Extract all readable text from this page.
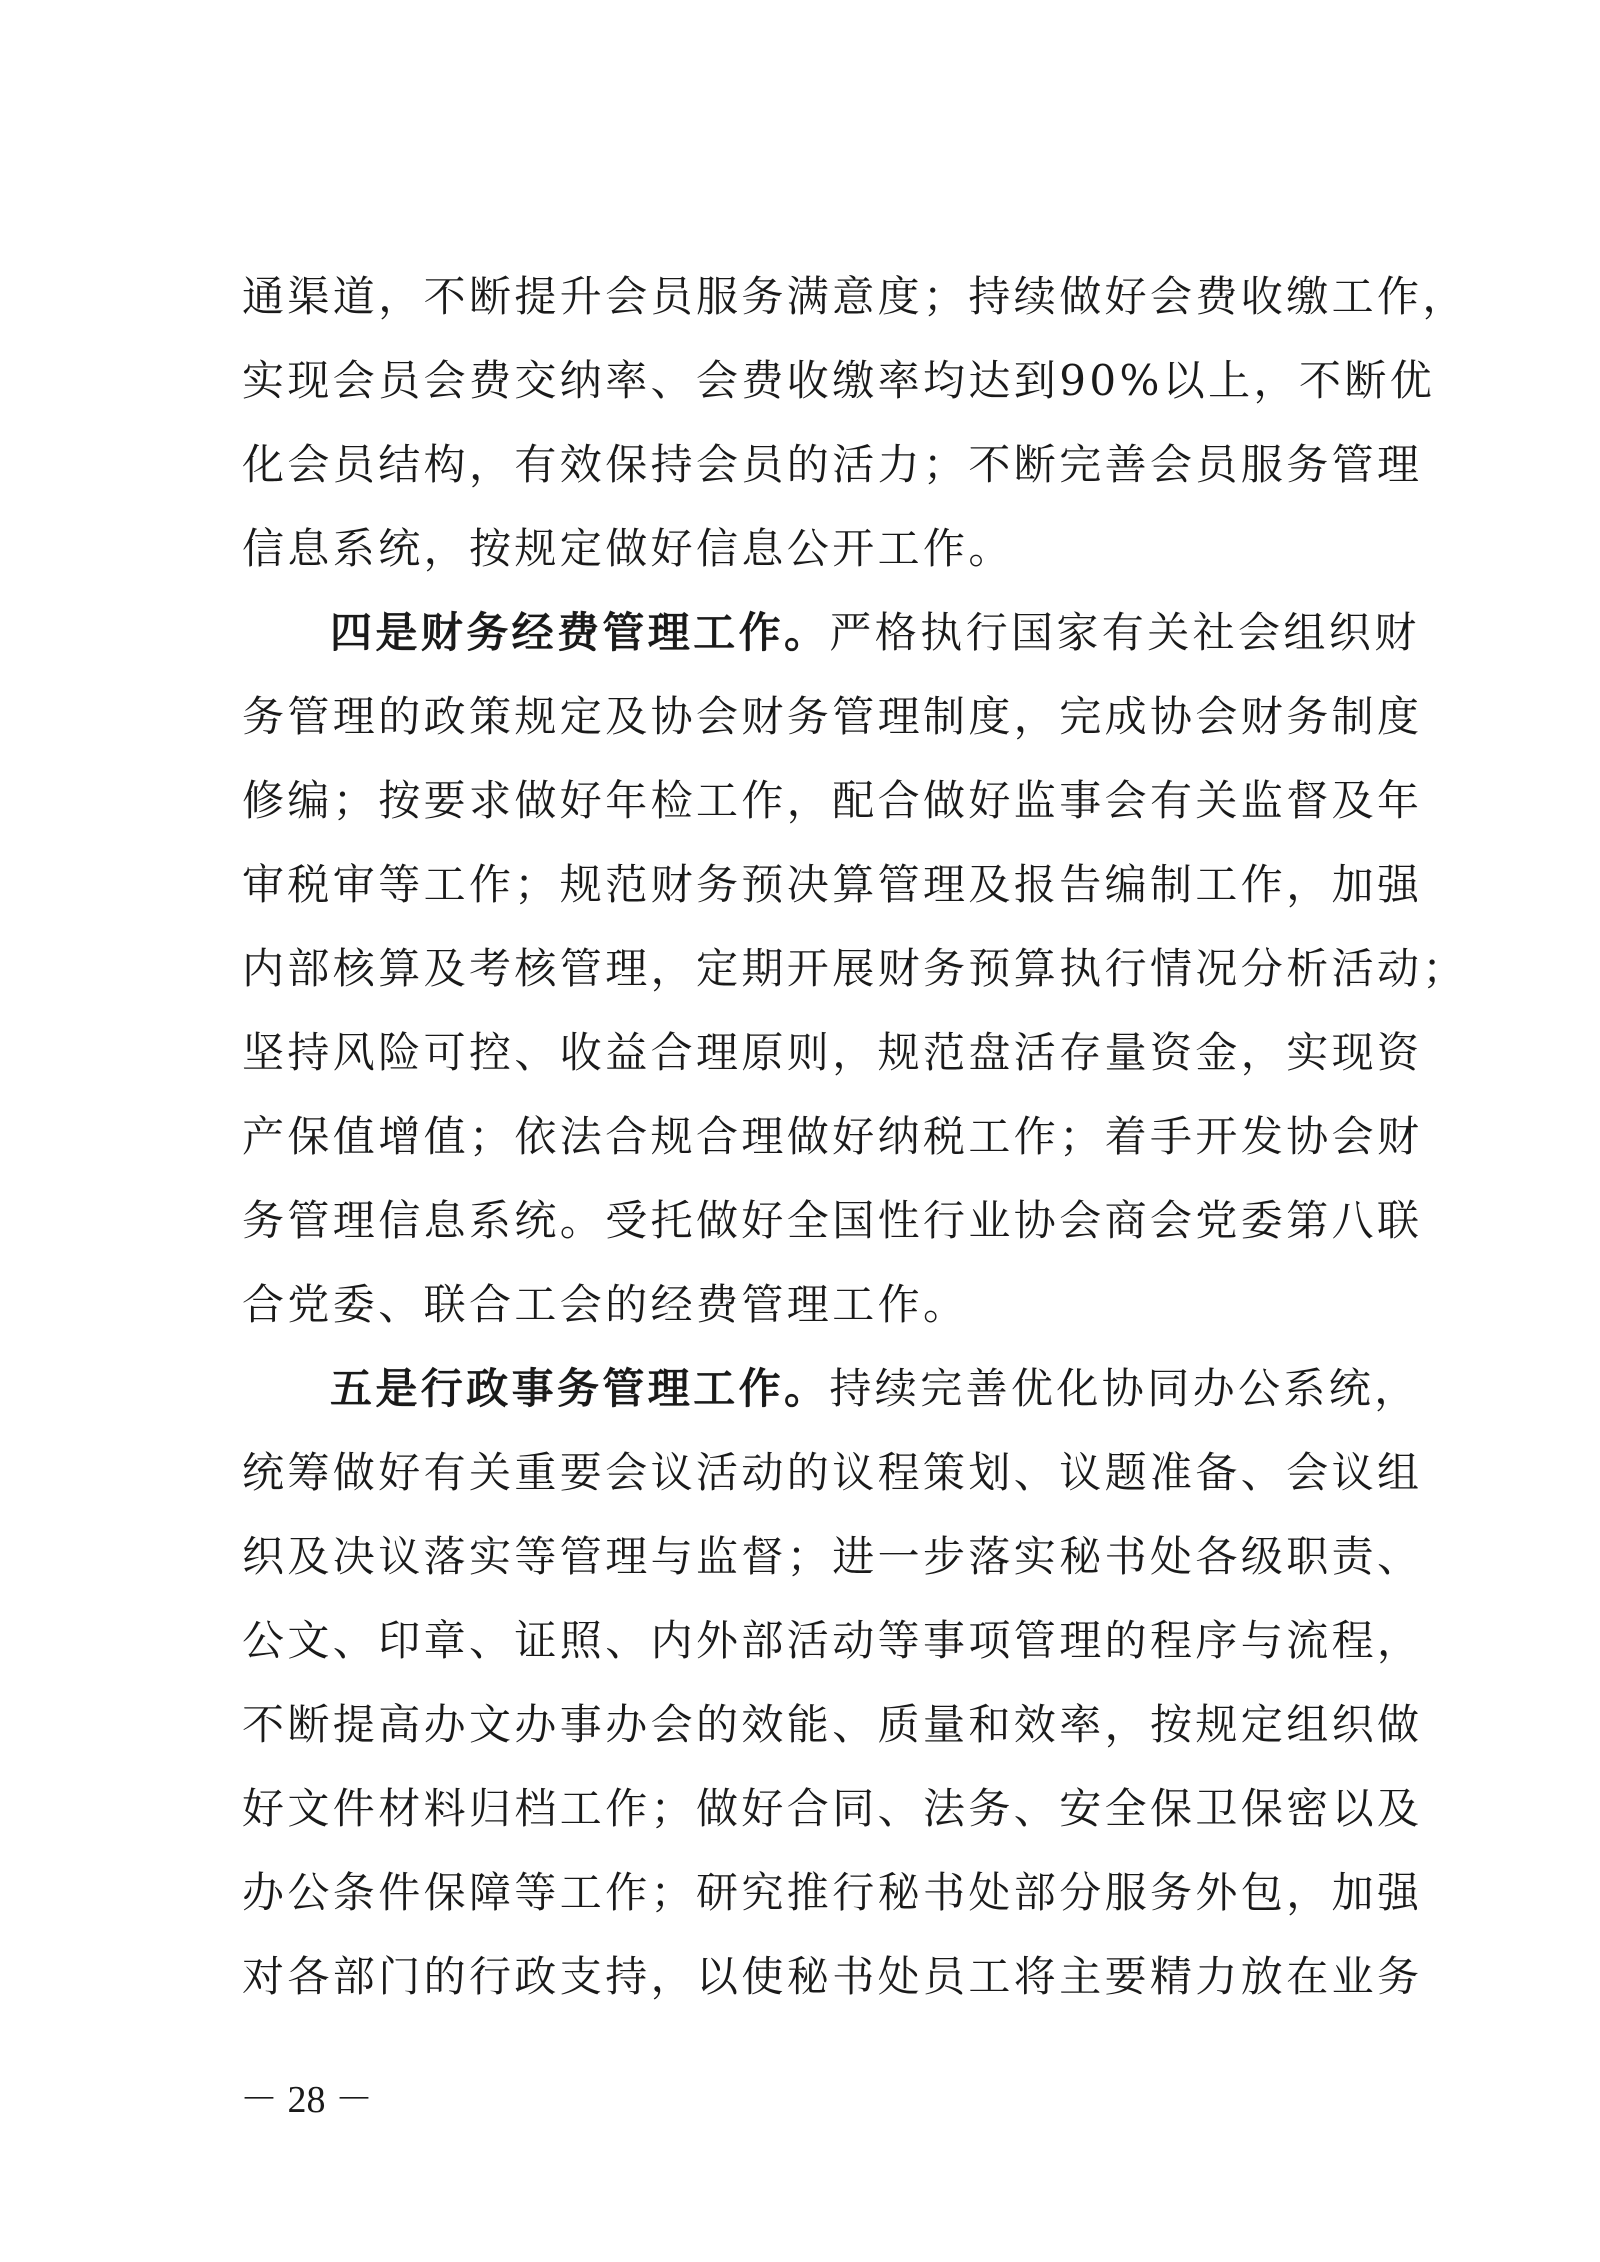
通渠道，不断提升会员服务满意度；持续做好会费收缴工作，
实现会员会费交纳率、会费收缴率均达到90%以上，不断优
化会员结构，有效保持会员的活力；不断完善会员服务管理
信息系统，按规定做好信息公开工作。
四是财务经费管理工作。严格执行国家有关社会组织财
务管理的政策规定及协会财务管理制度，完成协会财务制度
修编；按要求做好年检工作，配合做好监事会有关监督及年
审税审等工作；规范财务预决算管理及报告编制工作，加强
内部核算及考核管理，定期开展财务预算执行情况分析活动；
坚持风险可控、收益合理原则，规范盘活存量资金，实现资
产保值增值；依法合规合理做好纳税工作；着手开发协会财
务管理信息系统。受托做好全国性行业协会商会党委第八联
合党委、联合工会的经费管理工作。
五是行政事务管理工作。持续完善优化协同办公系统，
统筹做好有关重要会议活动的议程策划、议题准备、会议组
织及决议落实等管理与监督；进一步落实秘书处各级职责、
公文、印章、证照、内外部活动等事项管理的程序与流程，
不断提高办文办事办会的效能、质量和效率，按规定组织做
好文件材料归档工作；做好合同、法务、安全保卫保密以及
办公条件保障等工作；研究推行秘书处部分服务外包，加强
对各部门的行政支持，以使秘书处员工将主要精力放在业务
－ 28 －
